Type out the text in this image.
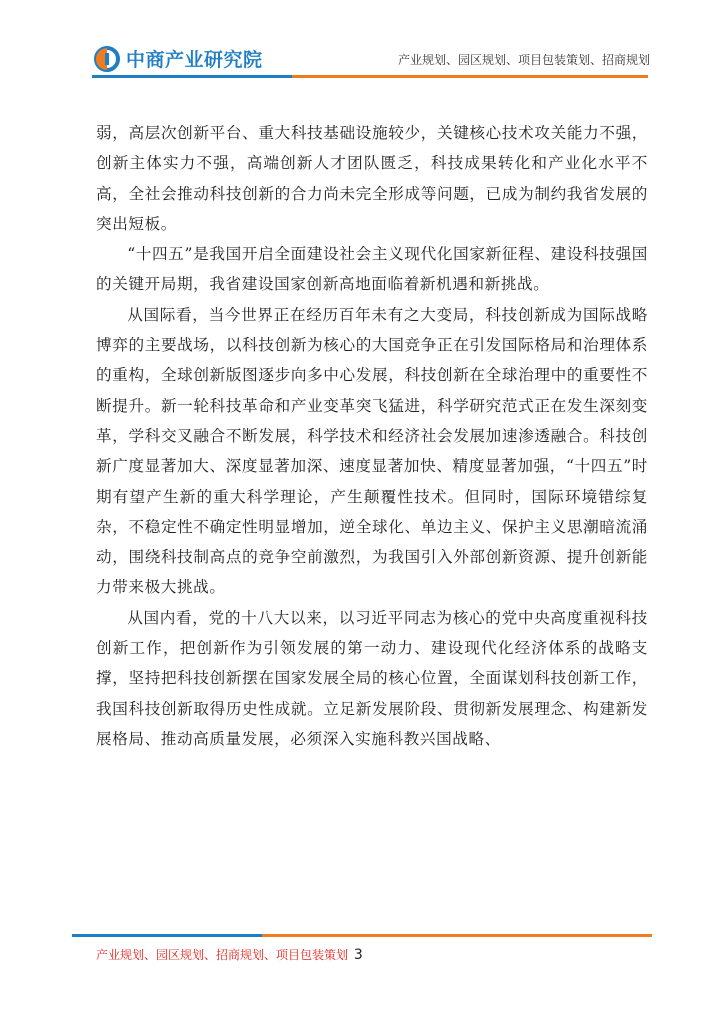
中商产业研究院	产业规划、园区规划、项目包装策划、招商规划

弱，高层次创新平台、重大科技基础设施较少，关键核心技术攻关能力不强，创新主体实力不强，高端创新人才团队匮乏，科技成果转化和产业化水平不高，全社会推动科技创新的合力尚未完全形成等问题，已成为制约我省发展的突出短板。

“十四五”是我国开启全面建设社会主义现代化国家新征程、建设科技强国的关键开局期，我省建设国家创新高地面临着新机遇和新挑战。

从国际看，当今世界正在经历百年未有之大变局，科技创新成为国际战略博弈的主要战场，以科技创新为核心的大国竞争正在引发国际格局和治理体系的重构，全球创新版图逐步向多中心发展，科技创新在全球治理中的重要性不断提升。新一轮科技革命和产业变革突飞猛进，科学研究范式正在发生深刻变革，学科交叉融合不断发展，科学技术和经济社会发展加速渗透融合。科技创新广度显著加大、深度显著加深、速度显著加快、精度显著加强，“十四五”时期有望产生新的重大科学理论，产生颠覆性技术。但同时，国际环境错综复杂，不稳定性不确定性明显增加，逆全球化、单边主义、保护主义思潮暗流涌动，围绕科技制高点的竞争空前激烈，为我国引入外部创新资源、提升创新能力带来极大挑战。

从国内看，党的十八大以来，以习近平同志为核心的党中央高度重视科技创新工作，把创新作为引领发展的第一动力、建设现代化经济体系的战略支撑，坚持把科技创新摆在国家发展全局的核心位置，全面谋划科技创新工作，我国科技创新取得历史性成就。立足新发展阶段、贯彻新发展理念、构建新发展格局、推动高质量发展，必须深入实施科教兴国战略、

产业规划、园区规划、招商规划、项目包装策划 3
